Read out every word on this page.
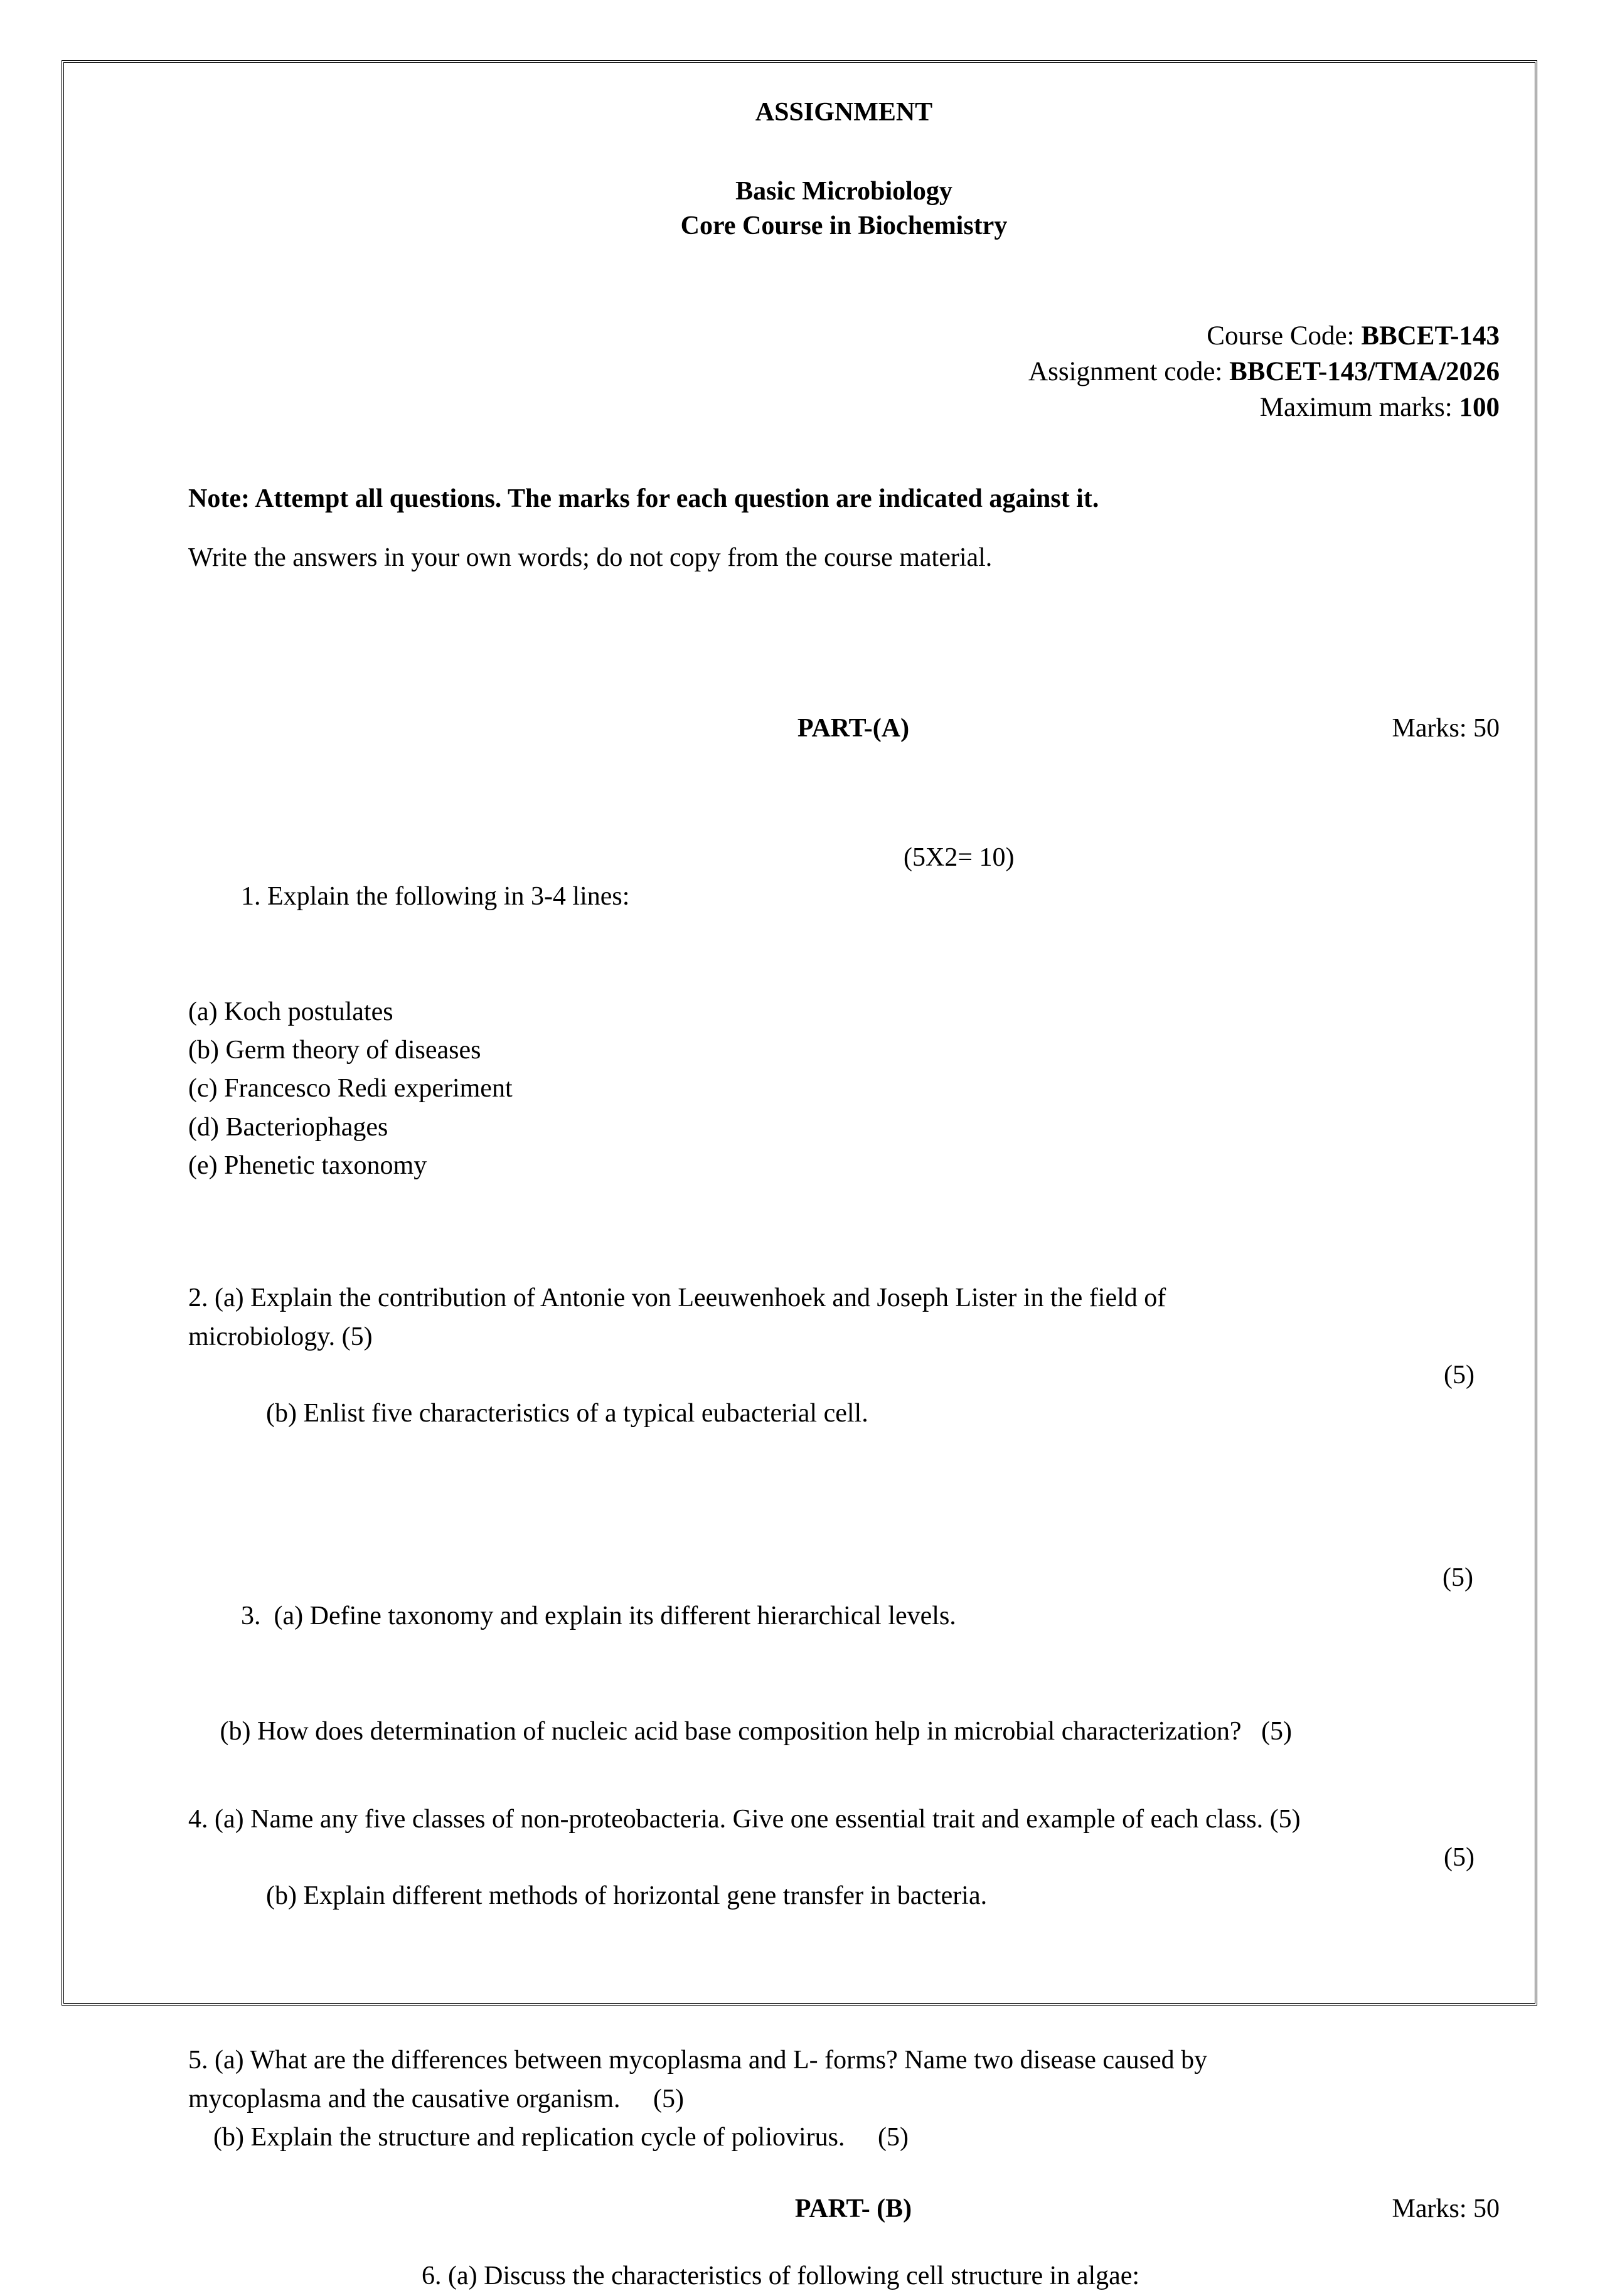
ASSIGNMENT
Basic Microbiology
Core Course in Biochemistry
Course Code: BBCET-143
Assignment code: BBCET-143/TMA/2026
Maximum marks: 100
Note: Attempt all questions. The marks for each question are indicated against it.
Write the answers in your own words; do not copy from the course material.
PART-(A)	Marks: 50

1. Explain the following in 3-4 lines:

(5X2= 10)

(a) Koch postulates
(b) Germ theory of diseases
(c) Francesco Redi experiment
(d) Bacteriophages
(e) Phenetic taxonomy
2. (a) Explain the contribution of Antonie von Leeuwenhoek and Joseph Lister in the field of
microbiology. (5)

(b) Enlist five characteristics of a typical eubacterial cell.

(5)

3.  (a) Define taxonomy and explain its different hierarchical levels.

(5)

(b) How does determination of nucleic acid base composition help in microbial characterization?   (5)
4. (a) Name any five classes of non-proteobacteria. Give one essential trait and example of each class. (5)

(b) Explain different methods of horizontal gene transfer in bacteria.

(5)

5. (a) What are the differences between mycoplasma and L- forms? Name two disease caused by
mycoplasma and the causative organism.     (5)
(b) Explain the structure and replication cycle of poliovirus.     (5)
PART- (B)	Marks: 50
6. (a) Discuss the characteristics of following cell structure in algae:
